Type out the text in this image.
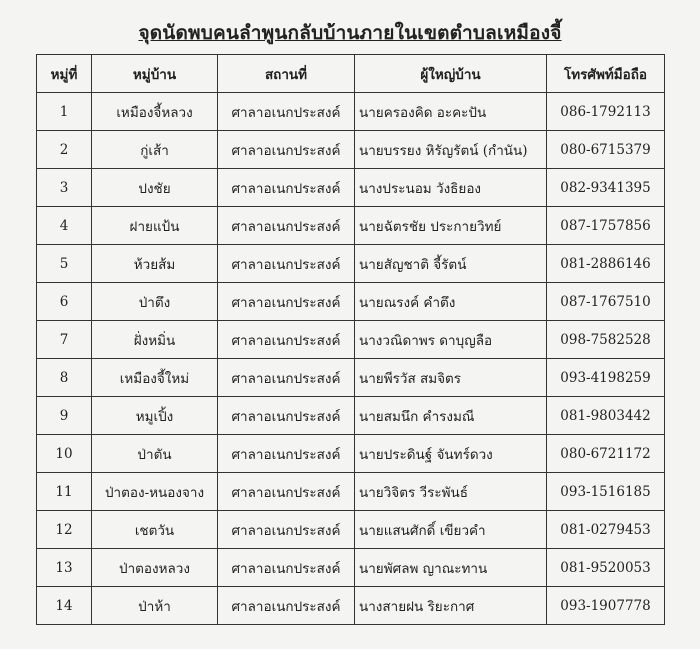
จุดนัดพบคนลำพูนกลับบ้านภายในเขตตำบลเหมืองจี้
หมู่ที่	หมู่บ้าน	สถานที่	ผู้ใหญ่บ้าน	โทรศัพท์มือถือ
1	เหมืองจี้หลวง	ศาลาอเนกประสงค์	นายครองคิด อะคะปัน	086-1792113
2	กู่เส้า	ศาลาอเนกประสงค์	นายบรรยง หิรัญรัตน์ (กำนัน)	080-6715379
3	ปงชัย	ศาลาอเนกประสงค์	นางประนอม วังธิยอง	082-9341395
4	ฝายแป้น	ศาลาอเนกประสงค์	นายฉัตรชัย ประกายวิทย์	087-1757856
5	ห้วยส้ม	ศาลาอเนกประสงค์	นายสัญชาติ จี้รัตน์	081-2886146
6	ป่าตึง	ศาลาอเนกประสงค์	นายณรงค์ คำตึง	087-1767510
7	ฝั่งหมิ่น	ศาลาอเนกประสงค์	นางวณิดาพร ดาบุญลือ	098-7582528
8	เหมืองจี้ใหม่	ศาลาอเนกประสงค์	นายพีรวัส สมจิตร	093-4198259
9	หมูเปิ้ง	ศาลาอเนกประสงค์	นายสมนึก คำรงมณี	081-9803442
10	ป่าตัน	ศาลาอเนกประสงค์	นายประดินฐ์ จันทร์ดวง	080-6721172
11	ป่าตอง-หนองจาง	ศาลาอเนกประสงค์	นายวิจิตร วีระพันธ์	093-1516185
12	เชตวัน	ศาลาอเนกประสงค์	นายแสนศักดิ์ เขียวคำ	081-0279453
13	ป่าตองหลวง	ศาลาอเนกประสงค์	นายพัศลพ ญาณะทาน	081-9520053
14	ป่าห้า	ศาลาอเนกประสงค์	นางสายฝน ริยะกาศ	093-1907778
